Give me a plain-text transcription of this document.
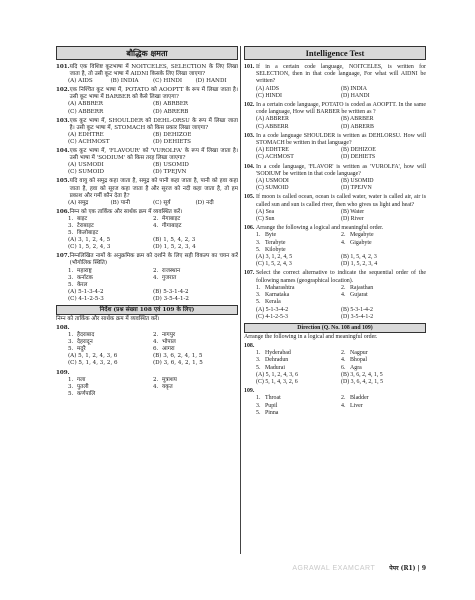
बौद्धिक क्षमता
101. यदि एक विशिष्ट कूटभाषा में NOITCELES, SELECTION के लिए लिखा जाता है, तो उसी कूट भाषा में AIDNI किसके लिए लिखा जाएगा?
(A) AIDS	(B) INDIA	(C) HINDI	(D) HANDI
102. एक निश्चित कूट भाषा में, POTATO को AOOPTT के रूप में लिखा जाता है। उसी कूट भाषा में BARBER को कैसे लिखा जाएगा?
(A) ABBRER	(B) ABRBER
(C) ABBERR	(D) ABRERB
103. एक कूट भाषा में, SHOULDER को DEHL-ORSU के रूप में लिखा जाता है। उसी कूट भाषा में, STOMACH को किस प्रकार लिखा जाएगा?
(A) EDHTRE	(B) DEHIZOE
(C) ACHMOST	(D) DEHIETS
104. एक कूट भाषा में, 'FLAVOUR' को 'VUROLFA' के रूप में लिखा जाता है। उसी भाषा में 'SODIUM' को किस तरह लिखा जाएगा?
(A) USMODI	(B) USOMID
(C) SUMOID	(D) TPEJVN
105. यदि वायु को समुद्र कहा जाता है, समुद्र को पानी कहा जाता है, पानी को हवा कहा जाता है, हवा को सूरज कहा जाता है और सूरज को नदी कहा जाता है, तो हम प्रकाश और गर्मी कौन देता है?
(A) समुद्र	(B) पानी	(C) सूर्य	(D) नदी
106. निम्न को एक तार्किक और सार्थक क्रम में व्यवस्थित करें।
1. बाइट	2. मेगाबाइट
3. टेराबाइट	4. गीगाबाइट
5. किलोबाइट
(A) 3, 1, 2, 4, 5	(B) 1, 5, 4, 2, 3
(C) 1, 5, 2, 4, 3	(D) 1, 5, 2, 3, 4
107. निम्नलिखित नामों के अनुक्रमिक क्रम को दर्शाने के लिए सही विकल्प का चयन करें (भौगोलिक स्थिति)
1. महाराष्ट्र	2. राजस्थान
3. कर्नाटक	4. गुजरात
5. केरल
(A) 5-1-3-4-2	(B) 5-3-1-4-2
(C) 4-1-2-5-3	(D) 3-5-4-1-2
निर्देश (प्रश्न संख्या 108 एवं 109 के लिए)
निम्न को तार्किक और सार्थक क्रम में व्यवस्थित करें।
108.
1. हैदराबाद	2. नागपुर
3. देहरादून	4. भोपाल
5. मदुरै	6. आगरा
(A) 5, 1, 2, 4, 3, 6	(B) 3, 6, 2, 4, 1, 5
(C) 5, 1, 4, 3, 2, 6	(D) 3, 6, 4, 2, 1, 5
109.
1. गला	2. मूत्राशय
3. पुतली	4. यकृत
5. कर्णपालि
Intelligence Test
101. If in a certain code language, NOITCELES, is written for SELECTION, then in that code language, For what will AIDNI be written?
(A) AIDS	(B) INDIA
(C) HINDI	(D) HANDI
102. In a certain code language, POTATO is coded as AOOPTT. In the same code language, How will BARBER be written as ?
(A) ABBRER	(B) ABRBER
(C) ABBERR	(D) ABRERB
103. In a code language SHOULDER is written as DEHLORSU. How will STOMACH be written in that language?
(A) EDHTRE	(B) DEHIZOE
(C) ACHMOST	(D) DEHIETS
104. In a code language, 'FLAVOR' is written as 'VUROLFA', how will 'SODIUM' be written in that code language?
(A) USMODI	(B) USOMID
(C) SUMOID	(D) TPEJVN
105. If moon is called ocean, ocean is called water, water is called air, air is called sun and sun is called river, then who gives us light and heat?
(A) Sea	(B) Water
(C) Sun	(D) River
106. Arrange the following a logical and meaningful order.
1. Byte	2. Megabyte
3. Terabyte	4. Gigabyte
5. Kilobyte
(A) 3, 1, 2, 4, 5	(B) 1, 5, 4, 2, 3
(C) 1, 5, 2, 4, 3	(D) 1, 5, 2, 3, 4
107. Select the correct alternative to indicate the sequential order of the following names (geographical location).
1. Maharashtra	2. Rajasthan
3. Karnataka	4. Gujarat
5. Kerala
(A) 5-1-3-4-2	(B) 5-3-1-4-2
(C) 4-1-2-5-3	(D) 3-5-4-1-2
Direction (Q. No. 108 and 109)
Arrange the following in a logical and meaningful order.
108.
1. Hyderabad	2. Nagpur
3. Dehradun	4. Bhopal
5. Madurai	6. Agra
(A) 5, 1, 2, 4, 3, 6	(B) 3, 6, 2, 4, 1, 5
(C) 5, 1, 4, 3, 2, 6	(D) 3, 6, 4, 2, 1, 5
109.
1. Throat	2. Bladder
3. Pupil	4. Liver
5. Pinna
AGRAWAL EXAMCART पेपर (R1) | 9
